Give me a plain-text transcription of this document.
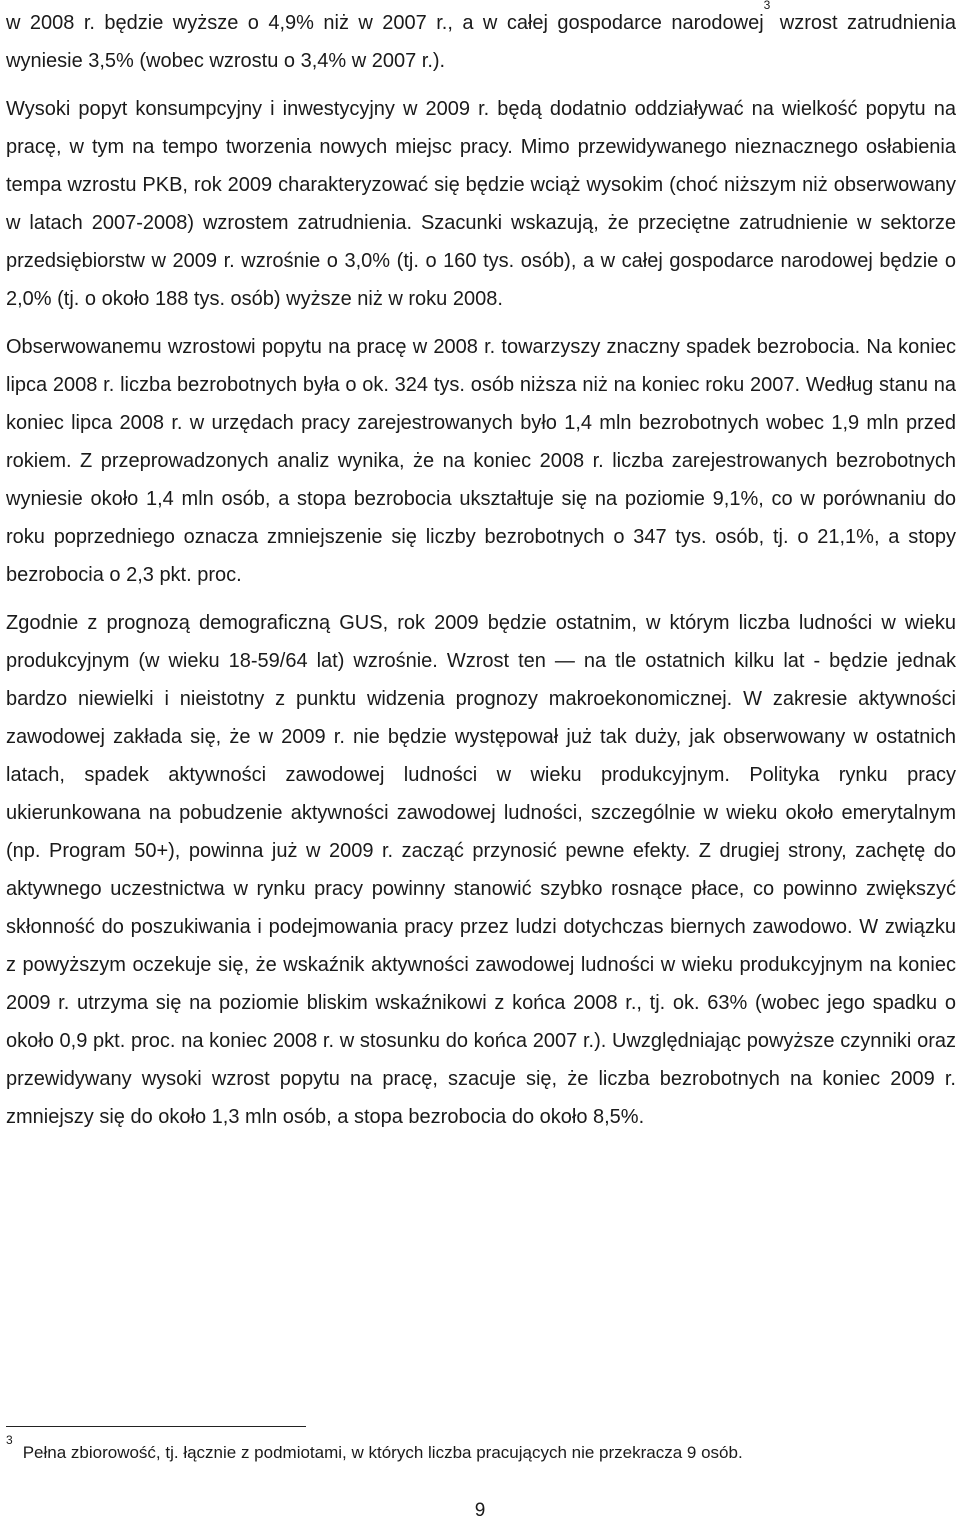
w 2008 r. będzie wyższe o 4,9% niż w 2007 r., a w całej gospodarce narodowej$^3$ wzrost zatrudnienia wyniesie 3,5% (wobec wzrostu o 3,4% w 2007 r.).

Wysoki popyt konsumpcyjny i inwestycyjny w 2009 r. będą dodatnio oddziaływać na wielkość popytu na pracę, w tym na tempo tworzenia nowych miejsc pracy. Mimo przewidywanego nieznacznego osłabienia tempa wzrostu PKB, rok 2009 charakteryzować się będzie wciąż wysokim (choć niższym niż obserwowany w latach 2007-2008) wzrostem zatrudnienia. Szacunki wskazują, że przeciętne zatrudnienie w sektorze przedsiębiorstw w 2009 r. wzrośnie o 3,0% (tj. o 160 tys. osób), a w całej gospodarce narodowej będzie o 2,0% (tj. o około 188 tys. osób) wyższe niż w roku 2008.

Obserwowanemu wzrostowi popytu na pracę w 2008 r. towarzyszy znaczny spadek bezrobocia. Na koniec lipca 2008 r. liczba bezrobotnych była o ok. 324 tys. osób niższa niż na koniec roku 2007. Według stanu na koniec lipca 2008 r. w urzędach pracy zarejestrowanych było 1,4 mln bezrobotnych wobec 1,9 mln przed rokiem. Z przeprowadzonych analiz wynika, że na koniec 2008 r. liczba zarejestrowanych bezrobotnych wyniesie około 1,4 mln osób, a stopa bezrobocia ukształtuje się na poziomie 9,1%, co w porównaniu do roku poprzedniego oznacza zmniejszenie się liczby bezrobotnych o 347 tys. osób, tj. o 21,1%, a stopy bezrobocia o 2,3 pkt. proc.

Zgodnie z prognozą demograficzną GUS, rok 2009 będzie ostatnim, w którym liczba ludności w wieku produkcyjnym (w wieku 18-59/64 lat) wzrośnie. Wzrost ten — na tle ostatnich kilku lat - będzie jednak bardzo niewielki i nieistotny z punktu widzenia prognozy makroekonomicznej. W zakresie aktywności zawodowej zakłada się, że w 2009 r. nie będzie występował już tak duży, jak obserwowany w ostatnich latach, spadek aktywności zawodowej ludności w wieku produkcyjnym. Polityka rynku pracy ukierunkowana na pobudzenie aktywności zawodowej ludności, szczególnie w wieku około emerytalnym (np. Program 50+), powinna już w 2009 r. zacząć przynosić pewne efekty. Z drugiej strony, zachętę do aktywnego uczestnictwa w rynku pracy powinny stanowić szybko rosnące płace, co powinno zwiększyć skłonność do poszukiwania i podejmowania pracy przez ludzi dotychczas biernych zawodowo. W związku z powyższym oczekuje się, że wskaźnik aktywności zawodowej ludności w wieku produkcyjnym na koniec 2009 r. utrzyma się na poziomie bliskim wskaźnikowi z końca 2008 r., tj. ok. 63% (wobec jego spadku o około 0,9 pkt. proc. na koniec 2008 r. w stosunku do końca 2007 r.). Uwzględniając powyższe czynniki oraz przewidywany wysoki wzrost popytu na pracę, szacuje się, że liczba bezrobotnych na koniec 2009 r. zmniejszy się do około 1,3 mln osób, a stopa bezrobocia do około 8,5%.

$^3$Pełna zbiorowość, tj. łącznie z podmiotami, w których liczba pracujących nie przekracza 9 osób.
9
